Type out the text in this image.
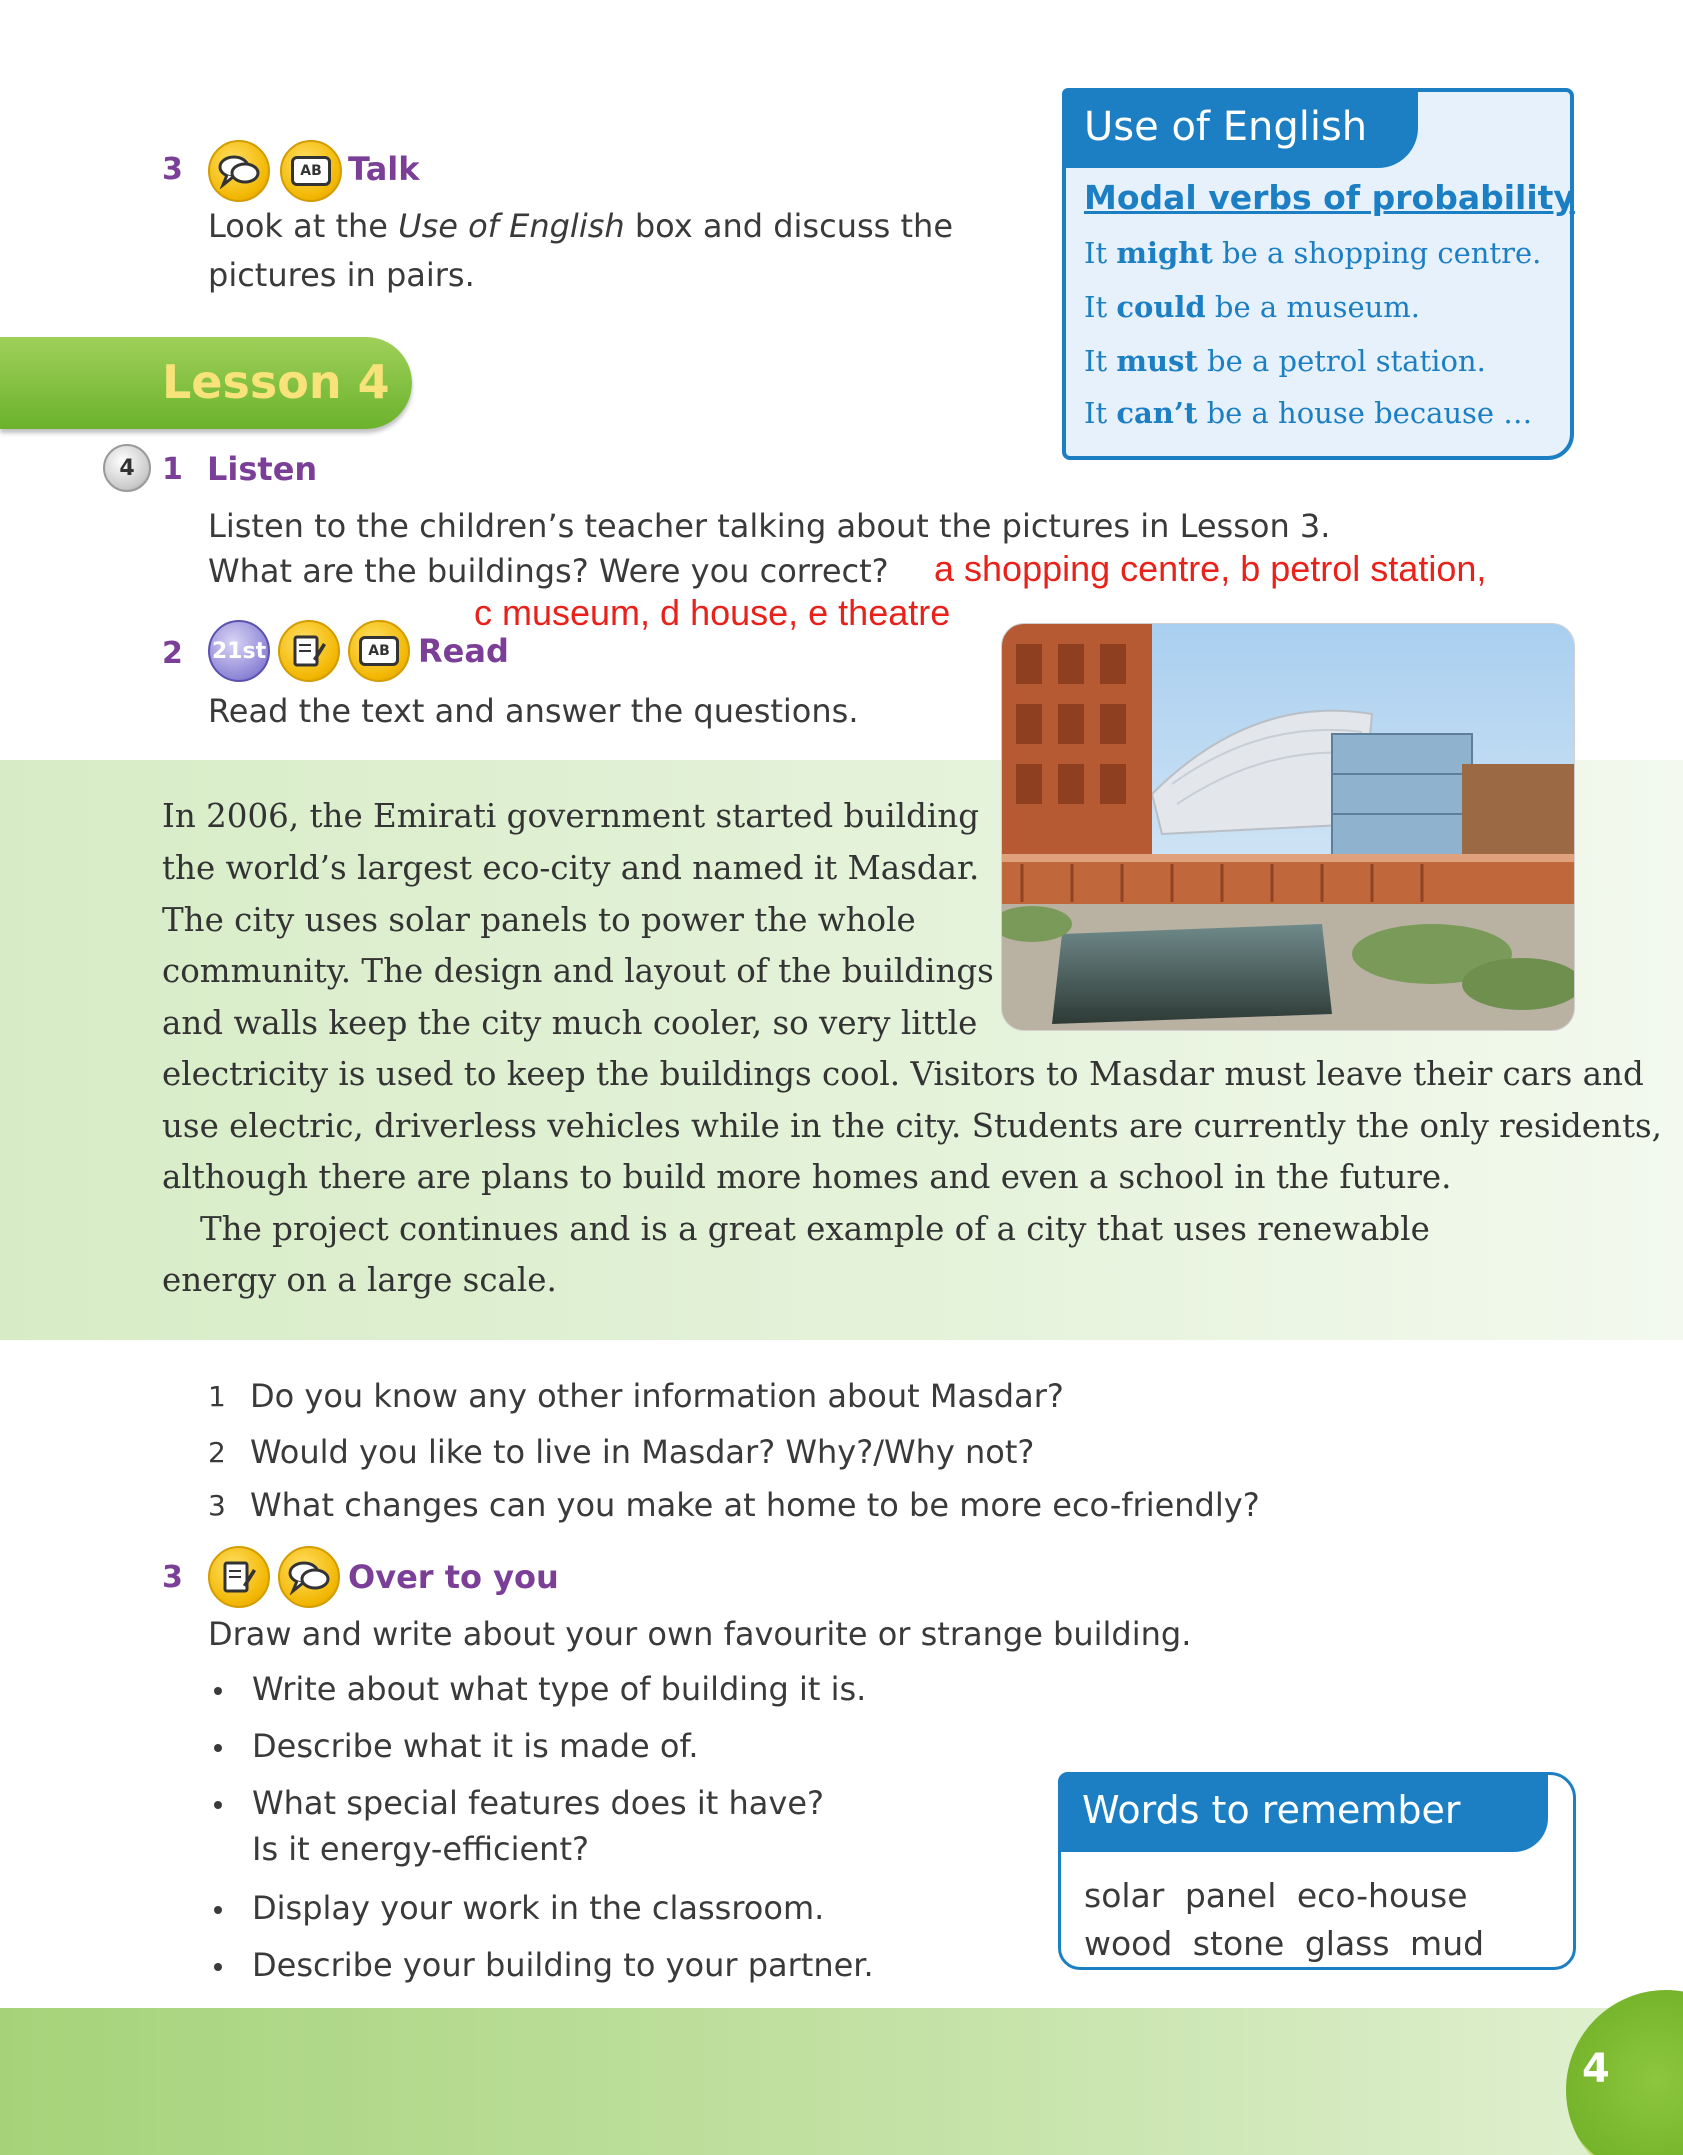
3	AB Talk
Look at the Use of English box and discuss the
pictures in pairs.
Use of English
Modal verbs of probability
It might be a shopping centre.
It could be a museum.
It must be a petrol station.
It can’t be a house because …
Lesson 4
4 1 Listen
Listen to the children’s teacher talking about the pictures in Lesson 3.
What are the buildings? Were you correct? a shopping centre, b petrol station,
c museum, d house, e theatre
2 21st	AB Read
Read the text and answer the questions.
In 2006, the Emirati government started building
the world’s largest eco-city and named it Masdar.
The city uses solar panels to power the whole
community. The design and layout of the buildings
and walls keep the city much cooler, so very little
electricity is used to keep the buildings cool. Visitors to Masdar must leave their cars and
use electric, driverless vehicles while in the city. Students are currently the only residents,
although there are plans to build more homes and even a school in the future.
The project continues and is a great example of a city that uses renewable
energy on a large scale.
1 Do you know any other information about Masdar?
2 Would you like to live in Masdar? Why?/Why not?
3 What changes can you make at home to be more eco-friendly?
3	Over to you
Draw and write about your own favourite or strange building.
Write about what type of building it is.
Describe what it is made of.
What special features does it have?
Is it energy-efficient?
Display your work in the classroom.
Describe your building to your partner.
Words to remember
solar panel eco-house
wood stone glass mud
4
